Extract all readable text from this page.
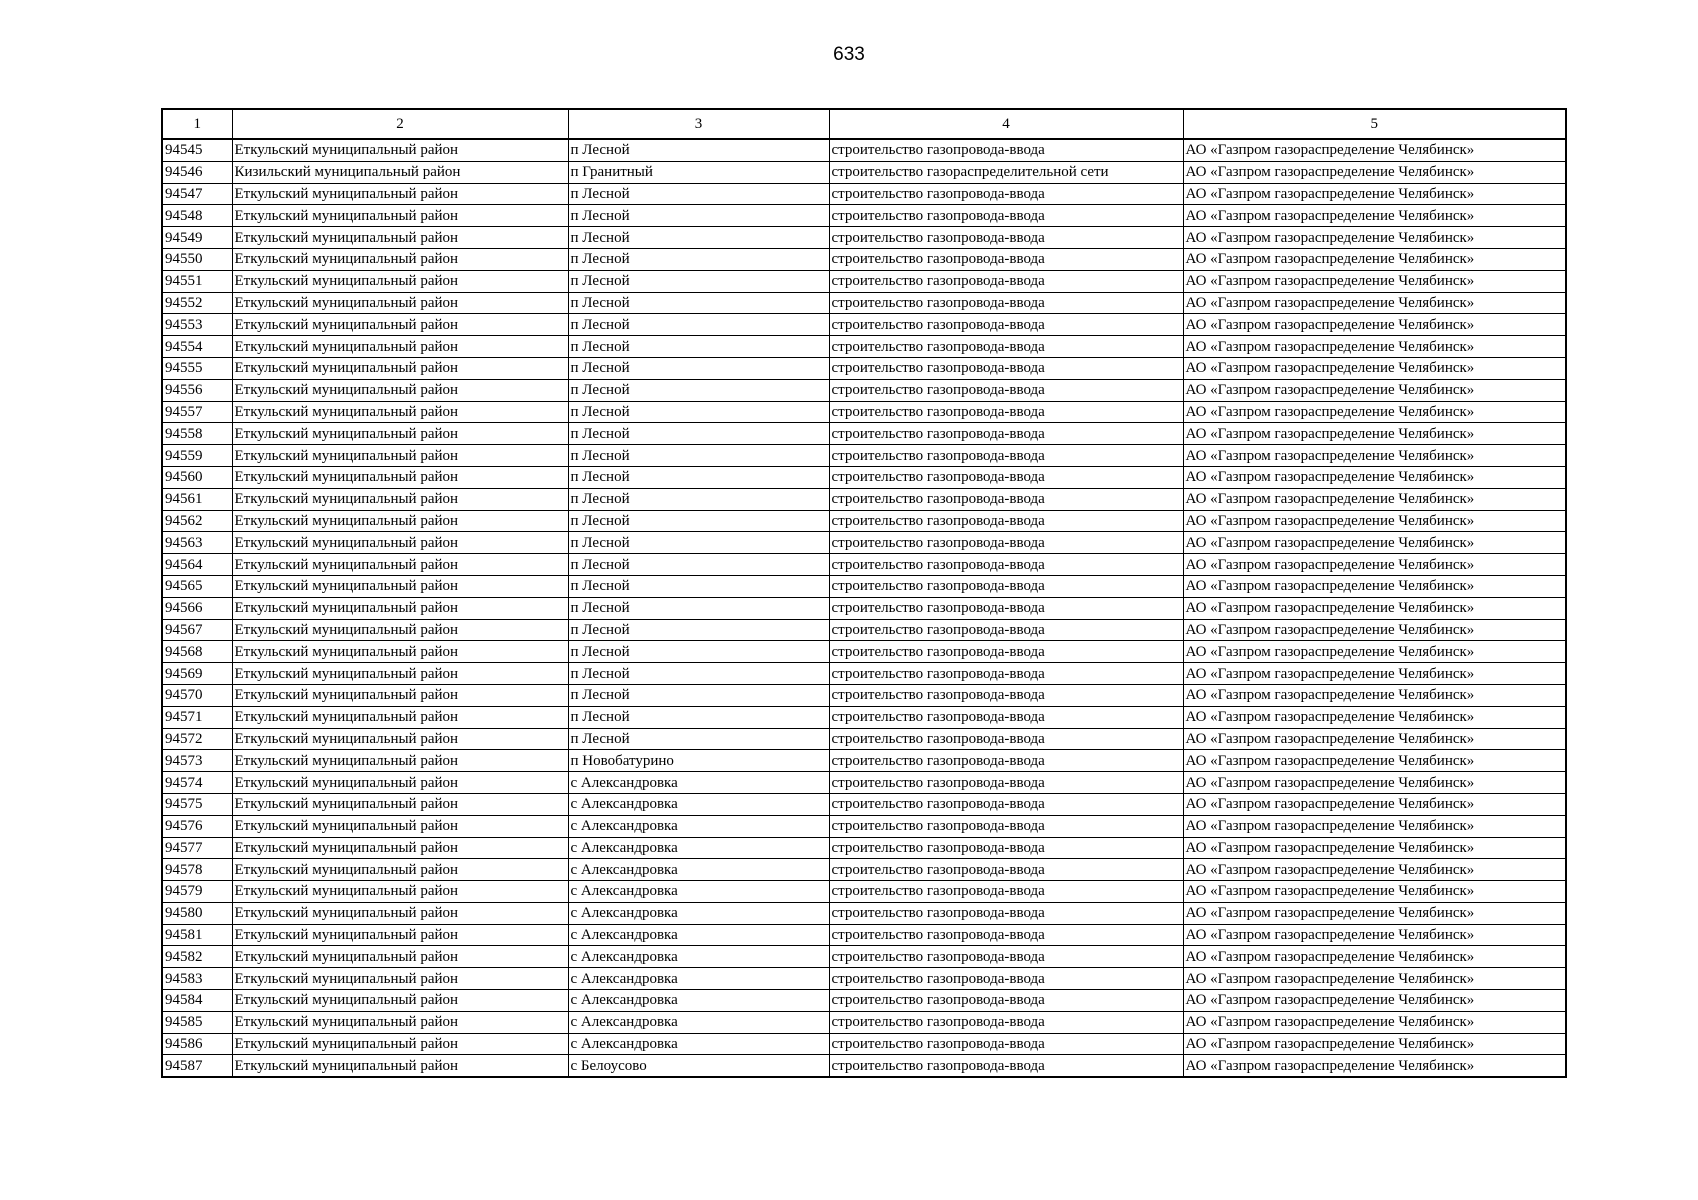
633
1	2	3	4	5
94545	Еткульский муниципальный район	п Лесной	строительство газопровода-ввода	АО «Газпром газораспределение Челябинск»
94546	Кизильский муниципальный район	п Гранитный	строительство газораспределительной сети	АО «Газпром газораспределение Челябинск»
94547	Еткульский муниципальный район	п Лесной	строительство газопровода-ввода	АО «Газпром газораспределение Челябинск»
94548	Еткульский муниципальный район	п Лесной	строительство газопровода-ввода	АО «Газпром газораспределение Челябинск»
94549	Еткульский муниципальный район	п Лесной	строительство газопровода-ввода	АО «Газпром газораспределение Челябинск»
94550	Еткульский муниципальный район	п Лесной	строительство газопровода-ввода	АО «Газпром газораспределение Челябинск»
94551	Еткульский муниципальный район	п Лесной	строительство газопровода-ввода	АО «Газпром газораспределение Челябинск»
94552	Еткульский муниципальный район	п Лесной	строительство газопровода-ввода	АО «Газпром газораспределение Челябинск»
94553	Еткульский муниципальный район	п Лесной	строительство газопровода-ввода	АО «Газпром газораспределение Челябинск»
94554	Еткульский муниципальный район	п Лесной	строительство газопровода-ввода	АО «Газпром газораспределение Челябинск»
94555	Еткульский муниципальный район	п Лесной	строительство газопровода-ввода	АО «Газпром газораспределение Челябинск»
94556	Еткульский муниципальный район	п Лесной	строительство газопровода-ввода	АО «Газпром газораспределение Челябинск»
94557	Еткульский муниципальный район	п Лесной	строительство газопровода-ввода	АО «Газпром газораспределение Челябинск»
94558	Еткульский муниципальный район	п Лесной	строительство газопровода-ввода	АО «Газпром газораспределение Челябинск»
94559	Еткульский муниципальный район	п Лесной	строительство газопровода-ввода	АО «Газпром газораспределение Челябинск»
94560	Еткульский муниципальный район	п Лесной	строительство газопровода-ввода	АО «Газпром газораспределение Челябинск»
94561	Еткульский муниципальный район	п Лесной	строительство газопровода-ввода	АО «Газпром газораспределение Челябинск»
94562	Еткульский муниципальный район	п Лесной	строительство газопровода-ввода	АО «Газпром газораспределение Челябинск»
94563	Еткульский муниципальный район	п Лесной	строительство газопровода-ввода	АО «Газпром газораспределение Челябинск»
94564	Еткульский муниципальный район	п Лесной	строительство газопровода-ввода	АО «Газпром газораспределение Челябинск»
94565	Еткульский муниципальный район	п Лесной	строительство газопровода-ввода	АО «Газпром газораспределение Челябинск»
94566	Еткульский муниципальный район	п Лесной	строительство газопровода-ввода	АО «Газпром газораспределение Челябинск»
94567	Еткульский муниципальный район	п Лесной	строительство газопровода-ввода	АО «Газпром газораспределение Челябинск»
94568	Еткульский муниципальный район	п Лесной	строительство газопровода-ввода	АО «Газпром газораспределение Челябинск»
94569	Еткульский муниципальный район	п Лесной	строительство газопровода-ввода	АО «Газпром газораспределение Челябинск»
94570	Еткульский муниципальный район	п Лесной	строительство газопровода-ввода	АО «Газпром газораспределение Челябинск»
94571	Еткульский муниципальный район	п Лесной	строительство газопровода-ввода	АО «Газпром газораспределение Челябинск»
94572	Еткульский муниципальный район	п Лесной	строительство газопровода-ввода	АО «Газпром газораспределение Челябинск»
94573	Еткульский муниципальный район	п Новобатурино	строительство газопровода-ввода	АО «Газпром газораспределение Челябинск»
94574	Еткульский муниципальный район	с Александровка	строительство газопровода-ввода	АО «Газпром газораспределение Челябинск»
94575	Еткульский муниципальный район	с Александровка	строительство газопровода-ввода	АО «Газпром газораспределение Челябинск»
94576	Еткульский муниципальный район	с Александровка	строительство газопровода-ввода	АО «Газпром газораспределение Челябинск»
94577	Еткульский муниципальный район	с Александровка	строительство газопровода-ввода	АО «Газпром газораспределение Челябинск»
94578	Еткульский муниципальный район	с Александровка	строительство газопровода-ввода	АО «Газпром газораспределение Челябинск»
94579	Еткульский муниципальный район	с Александровка	строительство газопровода-ввода	АО «Газпром газораспределение Челябинск»
94580	Еткульский муниципальный район	с Александровка	строительство газопровода-ввода	АО «Газпром газораспределение Челябинск»
94581	Еткульский муниципальный район	с Александровка	строительство газопровода-ввода	АО «Газпром газораспределение Челябинск»
94582	Еткульский муниципальный район	с Александровка	строительство газопровода-ввода	АО «Газпром газораспределение Челябинск»
94583	Еткульский муниципальный район	с Александровка	строительство газопровода-ввода	АО «Газпром газораспределение Челябинск»
94584	Еткульский муниципальный район	с Александровка	строительство газопровода-ввода	АО «Газпром газораспределение Челябинск»
94585	Еткульский муниципальный район	с Александровка	строительство газопровода-ввода	АО «Газпром газораспределение Челябинск»
94586	Еткульский муниципальный район	с Александровка	строительство газопровода-ввода	АО «Газпром газораспределение Челябинск»
94587	Еткульский муниципальный район	с Белоусово	строительство газопровода-ввода	АО «Газпром газораспределение Челябинск»
